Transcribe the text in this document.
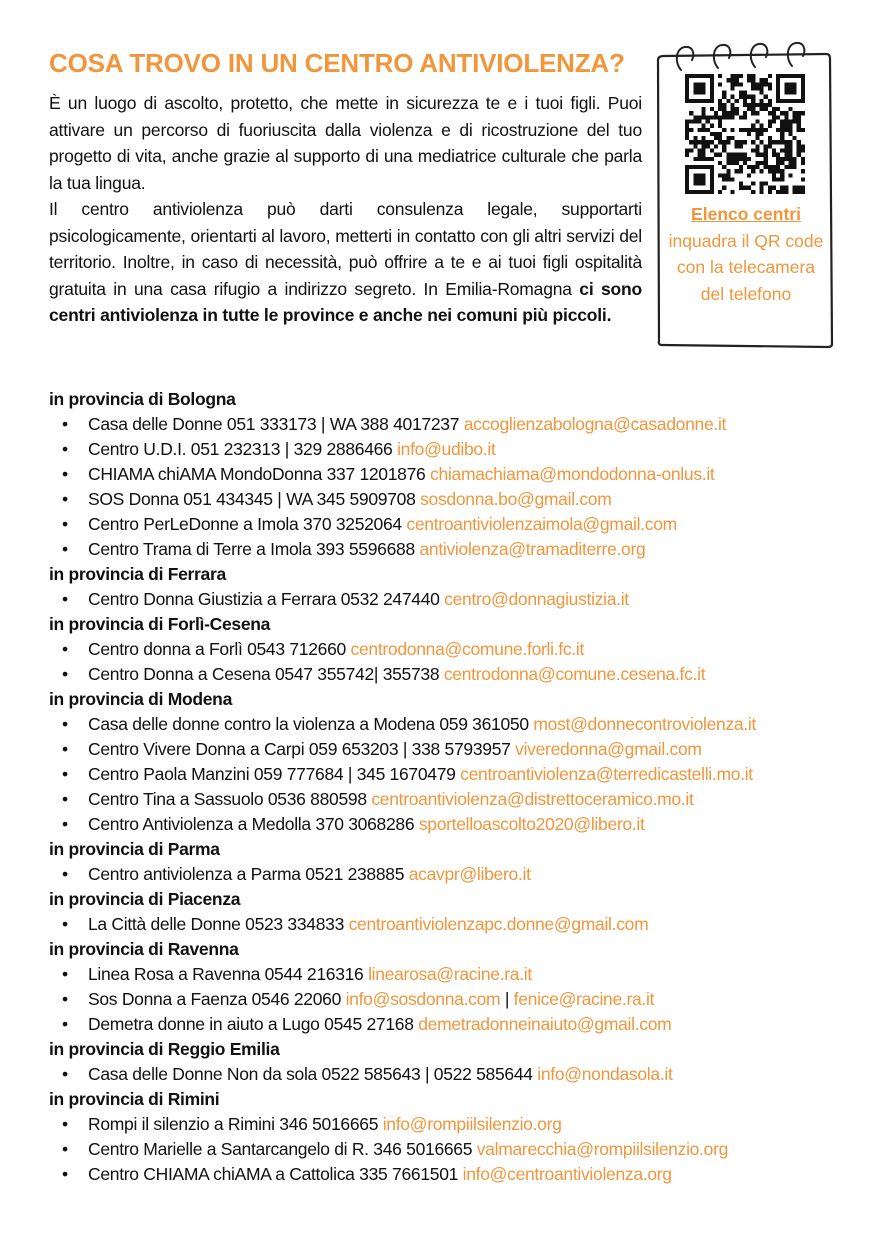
COSA TROVO IN UN CENTRO ANTIVIOLENZA?

È un luogo di ascolto, protetto, che mette in sicurezza te e i tuoi figli. Puoi attivare un percorso di fuoriuscita dalla violenza e di ricostruzione del tuo progetto di vita, anche grazie al supporto di una mediatrice culturale che parla la tua lingua.

Il centro antiviolenza può darti consulenza legale, supportarti psicologicamente, orientarti al lavoro, metterti in contatto con gli altri servizi del territorio. Inoltre, in caso di necessità, può offrire a te e ai tuoi figli ospitalità gratuita in una casa rifugio a indirizzo segreto. In Emilia-Romagna ci sono centri antiviolenza in tutte le province e anche nei comuni più piccoli.

Elenco centri
inquadra il QR code con la telecamera del telefono
in provincia di Bologna
• Casa delle Donne 051 333173 | WA 388 4017237 accoglienzabologna@casadonne.it
• Centro U.D.I. 051 232313 | 329 2886466 info@udibo.it
• CHIAMA chiAMA MondoDonna 337 1201876 chiamachiama@mondodonna-onlus.it
• SOS Donna 051 434345 | WA 345 5909708 sosdonna.bo@gmail.com
• Centro PerLeDonne a Imola 370 3252064 centroantiviolenzaimola@gmail.com
• Centro Trama di Terre a Imola 393 5596688 antiviolenza@tramaditerre.org
in provincia di Ferrara
• Centro Donna Giustizia a Ferrara 0532 247440 centro@donnagiustizia.it
in provincia di Forlì-Cesena
• Centro donna a Forlì 0543 712660 centrodonna@comune.forli.fc.it
• Centro Donna a Cesena 0547 355742| 355738 centrodonna@comune.cesena.fc.it
in provincia di Modena
• Casa delle donne contro la violenza a Modena 059 361050 most@donnecontroviolenza.it
• Centro Vivere Donna a Carpi 059 653203 | 338 5793957 viveredonna@gmail.com
• Centro Paola Manzini 059 777684 | 345 1670479 centroantiviolenza@terredicastelli.mo.it
• Centro Tina a Sassuolo 0536 880598 centroantiviolenza@distrettoceramico.mo.it
• Centro Antiviolenza a Medolla 370 3068286 sportelloascolto2020@libero.it
in provincia di Parma
• Centro antiviolenza a Parma 0521 238885 acavpr@libero.it
in provincia di Piacenza
• La Città delle Donne 0523 334833 centroantiviolenzapc.donne@gmail.com
in provincia di Ravenna
• Linea Rosa a Ravenna 0544 216316 linearosa@racine.ra.it
• Sos Donna a Faenza 0546 22060 info@sosdonna.com | fenice@racine.ra.it
• Demetra donne in aiuto a Lugo 0545 27168 demetradonneinaiuto@gmail.com
in provincia di Reggio Emilia
• Casa delle Donne Non da sola 0522 585643 | 0522 585644 info@nondasola.it
in provincia di Rimini
• Rompi il silenzio a Rimini 346 5016665 info@rompiilsilenzio.org
• Centro Marielle a Santarcangelo di R. 346 5016665 valmarecchia@rompiilsilenzio.org
• Centro CHIAMA chiAMA a Cattolica 335 7661501 info@centroantiviolenza.org
